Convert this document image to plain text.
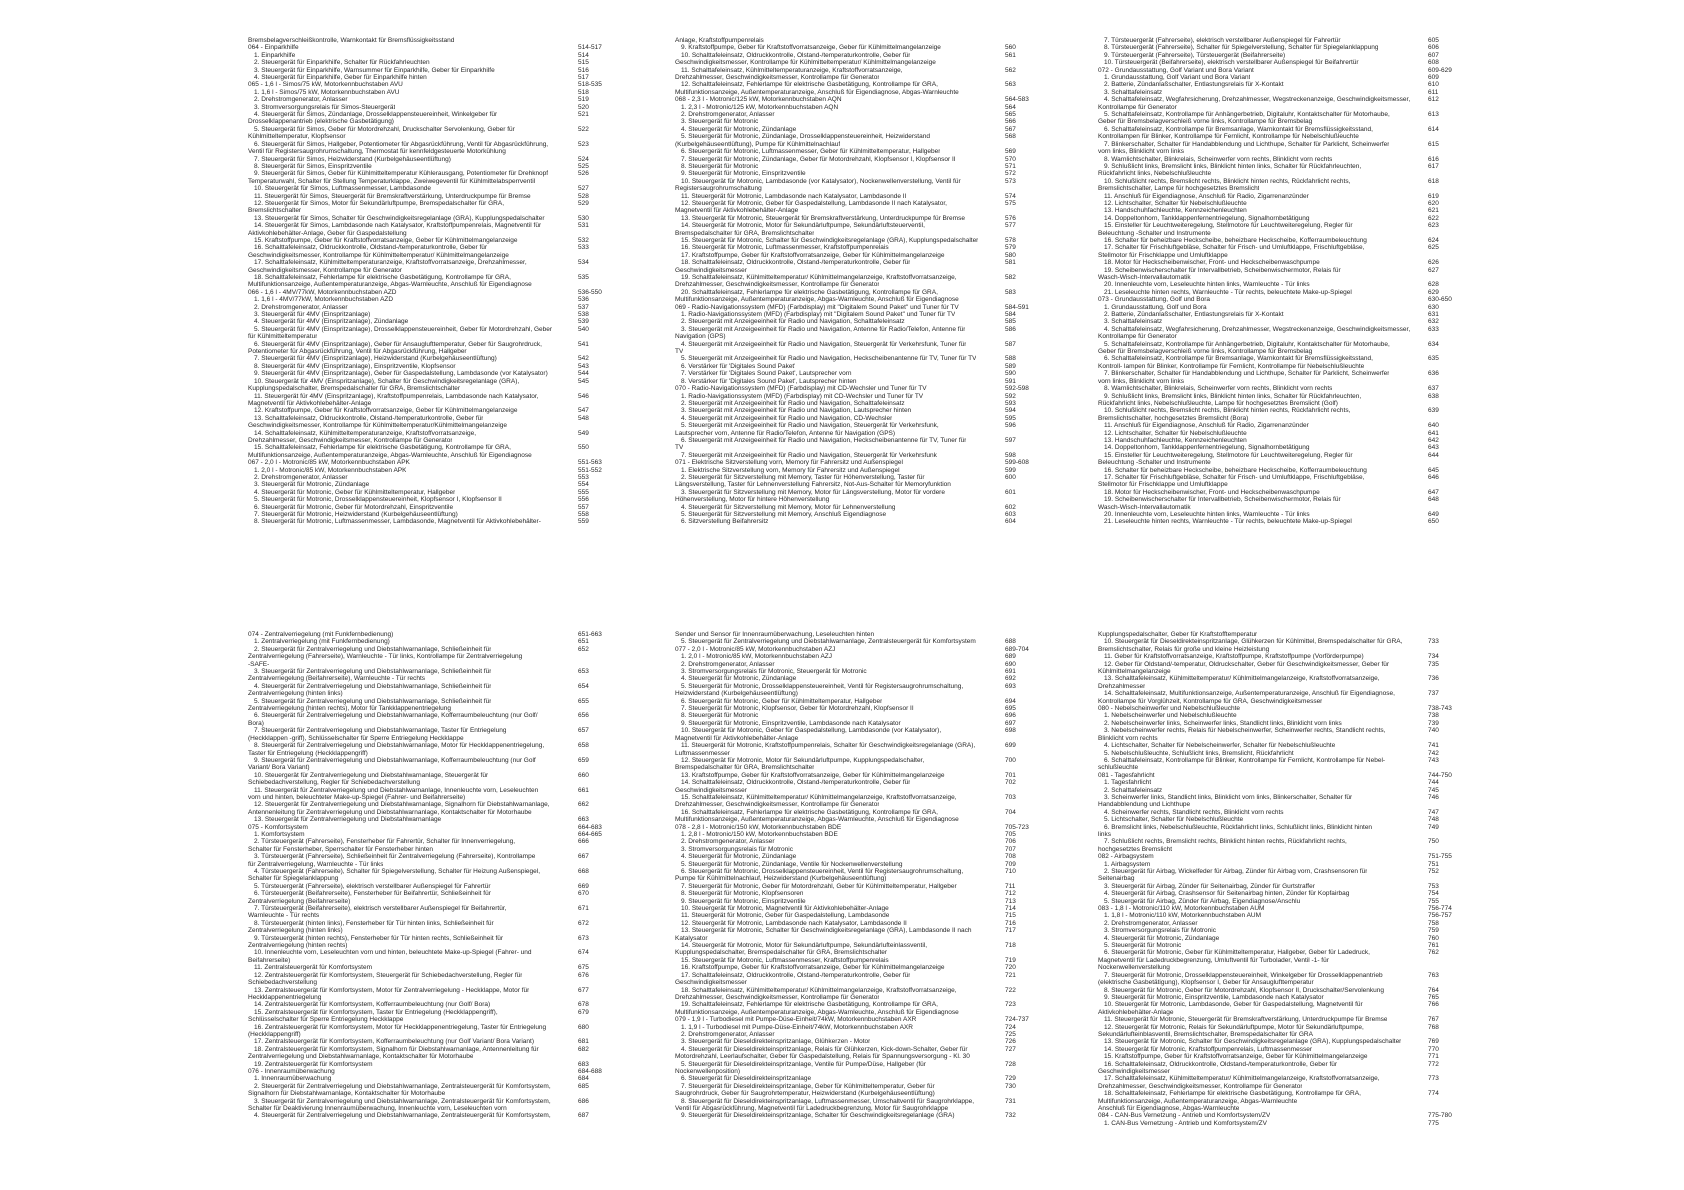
Bremsbelagverschleißkontrolle, Warnkontakt für Bremsflüssigkeitsstand
064 - Einparkhilfe	514-517
1. Einparkhilfe	514
2. Steuergerät für Einparkhilfe, Schalter für Rückfahrleuchten	515
3. Steuergerät für Einparkhilfe, Warnsummer für Einparkhilfe, Geber für Einparkhilfe	516
4. Steuergerät für Einparkhilfe, Geber für Einparkhilfe hinten	517
065 - 1,6 l - Simos/75 kW, Motorkennbuchstaben AVU	518-535
1. 1,6 l - Simos/75 kW, Motorkennbuchstaben AVU	518
2. Drehstromgenerator, Anlasser	519
3. Stromversorgungsrelais für Simos-Steuergerät	520
4. Steuergerät für Simos, Zündanlage, Drosselklappensteuereinheit, Winkelgeber für	521
Drosselklappenantrieb (elektrische Gasbetätigung)
5. Steuergerät für Simos, Geber für Motordrehzahl, Druckschalter Servolenkung, Geber für	522
Kühlmitteltemperatur, Klopfsensor
6. Steuergerät für Simos, Hallgeber, Potentiometer für Abgasrückführung, Ventil für Abgasrückführung,	523
Ventil für Registersaugrohrumschaltung, Thermostat für kennfeldgesteuerte Motorkühlung
7. Steuergerät für Simos, Heizwiderstand (Kurbelgehäuseentlüftung)	524
8. Steuergerät für Simos, Einspritzventile	525
9. Steuergerät für Simos, Geber für Kühlmitteltemperatur Kühlerausgang, Potentiometer für Drehknopf	526
Temperaturwahl, Schalter für Stellung Temperaturklappe, Zweiwegeventil für Kühlmittelabsperrventil
10. Steuergerät für Simos, Luftmassenmesser, Lambdasonde	527
11. Steuergerät für Simos, Steuergerät für Bremskraftverstärkung, Unterdruckpumpe für Bremse	528
12. Steuergerät für Simos, Motor für Sekundärluftpumpe, Bremspedalschalter für GRA,	529
Bremslichtschalter
13. Steuergerät für Simos, Schalter für Geschwindigkeitsregelanlage (GRA), Kupplungspedalschalter	530
14. Steuergerät für Simos, Lambdasonde nach Katalysator, Kraftstoffpumpenrelais, Magnetventil für	531
Aktivkohlebehälter-Anlage, Geber für Gaspedalstellung
15. Kraftstoffpumpe, Geber für Kraftstoffvorratsanzeige, Geber für Kühlmittelmangelanzeige	532
16. Schalttafeleinsatz, Öldruckkontrolle, Öldstand-/temperaturkontrolle, Geber für	533
Geschwindigkeitsmesser, Kontrollampe für Kühlmitteltemperatur/ Kühlmittelmangelanzeige
17. Schalttafeleinsatz, Kühlmitteltemperaturanzeige, Kraftstoffvorratsanzeige, Drehzahlmesser,	534
Geschwindigkeitsmesser, Kontrollampe für Generator
18. Schalttafeleinsatz, Fehlerlampe für elektrische Gasbetätigung, Kontrollampe für GRA,	535
Multifunktionsanzeige, Außentemperaturanzeige, Abgas-Warnleuchte, Anschluß für Eigendiagnose
066 - 1,6 l - 4MV/77kW, Motorkennbuchstaben AZD	536-550
1. 1,6 l - 4MV/77kW, Motorkennbuchstaben AZD	536
2. Drehstromgenerator, Anlasser	537
3. Steuergerät für 4MV (Einspritzanlage)	538
4. Steuergerät für 4MV (Einspritzanlage), Zündanlage	539
5. Steuergerät für 4MV (Einspritzanlage), Drosselklappensteuereinheit, Geber für Motordrehzahl, Geber	540
für Kühlmitteltemperatur
6. Steuergerät für 4MV (Einspritzanlage), Geber für Ansauglufttemperatur, Geber für Saugrohrdruck,	541
Potentiometer für Abgasrückführung, Ventil für Abgasrückführung, Hallgeber
7. Steuergerät für 4MV (Einspritzanlage), Heizwiderstand (Kurbelgehäuseentlüftung)	542
8. Steuergerät für 4MV (Einspritzanlage), Einspritzventile, Klopfsensor	543
9. Steuergerät für 4MV (Einspritzanlage), Geber für Gaspedalstellung, Lambdasonde (vor Katalysator)	544
10. Steuergerät für 4MV (Einspritzanlage), Schalter für Geschwindigkeitsregelanlage (GRA),	545
Kupplungspedalschalter, Bremspedalschalter für GRA, Bremslichtschalter
11. Steuergerät für 4MV (Einspritzanlage), Kraftstoffpumpenrelais, Lambdasonde nach Katalysator,	546
Magnetventil für Aktivkohlebehälter-Anlage
12. Kraftstoffpumpe, Geber für Kraftstoffvorratsanzeige, Geber für Kühlmittelmangelanzeige	547
13. Schalttafeleinsatz, Öldruckkontrolle, Ölstand-/temperaturkontrolle, Geber für	548
Geschwindigkeitsmesser, Kontrollampe für Kühlmitteltemperatur/Kühlmittelmangelanzeige
14. Schalttafeleinsatz, Kühlmitteltemperaturanzeige, Kraftstoffvorratsanzeige,	549
Drehzahlmesser, Geschwindigkeitsmesser, Kontrollampe für Generator
15. Schalttafeleinsatz, Fehlerlampe für elektrische Gasbetätigung, Kontrollampe für GRA,	550
Multifunktionsanzeige, Außentemperaturanzeige, Abgas-Warnleuchte, Anschluß für Eigendiagnose
067 - 2,0 l - Motronic/85 kW, Motorkennbuchstaben APK	551-563
1. 2,0 l - Motronic/85 kW, Motorkennbuchstaben APK	551-552
2. Drehstromgenerator, Anlasser	553
3. Steuergerät für Motronic, Zündanlage	554
4. Steuergerät für Motronic, Geber für Kühlmitteltemperatur, Hallgeber	555
5. Steuergerät für Motronic, Drosselklappensteuereinheit, Klopfsensor I, Klopfsensor II	556
6. Steuergerät für Motronic, Geber für Motordrehzahl, Einspritzventile	557
7. Steuergerät für Motronic, Heizwiderstand (Kurbelgehäuseentlüftung)	558
8. Steuergerät für Motronic, Luftmassenmesser, Lambdasonde, Magnetventil für Aktivkohlebehälter-	559
Anlage, Kraftstoffpumpenrelais
9. Kraftstoffpumpe, Geber für Kraftstoffvorratsanzeige, Geber für Kühlmittelmangelanzeige	560
10. Schalttafeleinsatz, Öldruckkontrolle, Ölstand-/temperaturkontrolle, Geber für	561
Geschwindigkeitsmesser, Kontrollampe für Kühlmitteltemperatur/ Kühlmittelmangelanzeige
11. Schalttafeleinsatz, Kühlmitteltemperaturanzeige, Kraftstoffvorratsanzeige,	562
Drehzahlmesser, Geschwindigkeitsmesser, Kontrollampe für Generator
12. Schalttafeleinsatz, Fehlerlampe für elektrische Gasbetätigung, Kontrollampe für GRA,	563
Multifunktionsanzeige, Außentemperaturanzeige, Anschluß für Eigendiagnose, Abgas-Warnleuchte
068 - 2,3 l - Motronic/125 kW, Motorkennbuchstaben AQN	564-583
1. 2,3 l - Motronic/125 kW, Motorkennbuchstaben AQN	564
2. Drehstromgenerator, Anlasser	565
3. Steuergerät für Motronic	566
4. Steuergerät für Motronic, Zündanlage	567
5. Steuergerät für Motronic, Zündanlage, Drosselklappensteuereinheit, Heizwiderstand	568
(Kurbelgehäuseentlüftung), Pumpe für Kühlmittelnachlauf
6. Steuergerät für Motronic, Luftmassenmesser, Geber für Kühlmitteltemperatur, Hallgeber	569
7. Steuergerät für Motronic, Zündanlage, Geber für Motordrehzahl, Klopfsensor I, Klopfsensor II	570
8. Steuergerät für Motronic	571
9. Steuergerät für Motronic, Einspritzventile	572
10. Steuergerät für Motronic, Lambdasonde (vor Katalysator), Nockenwellenverstellung, Ventil für	573
Registersaugrohrumschaltung
11. Steuergerät für Motronic, Lambdasonde nach Katalysator, Lambdasonde II	574
12. Steuergerät für Motronic, Geber für Gaspedalstellung, Lambdasonde II nach Katalysator,	575
Magnetventil für Aktivkohlebehälter-Anlage
13. Steuergerät für Motronic, Steuergerät für Bremskraftverstärkung, Unterdruckpumpe für Bremse	576
14. Steuergerät für Motronic, Motor für Sekundärluftpumpe, Sekundärluftsteuerventil,	577
Bremspedalschalter für GRA, Bremslichtschalter
15. Steuergerät für Motronic, Schalter für Geschwindigkeitsregelanlage (GRA), Kupplungspedalschalter	578
16. Steuergerät für Motronic, Luftmassenmesser, Kraftstoffpumpenrelais	579
17. Kraftstoffpumpe, Geber für Kraftstoffvorratsanzeige, Geber für Kühlmittelmangelanzeige	580
18. Schalttafeleinsatz, Öldruckkontrolle, Ölstand-/temperaturkontrolle, Geber für	581
Geschwindigkeitsmesser
19. Schalttafeleinsatz, Kühlmitteltemperatur/ Kühlmittelmangelanzeige, Kraftstoffvorratsanzeige,	582
Drehzahlmesser, Geschwindigkeitsmesser, Kontrollampe für Generator
20. Schalttafeleinsatz, Fehlerlampe für elektrische Gasbetätigung, Kontrollampe für GRA,	583
Multifunktionsanzeige, Außentemperaturanzeige, Abgas-Warnleuchte, Anschluß für Eigendiagnose
069 - Radio-Navigationssystem (MFD) (Farbdisplay) mit "Digitalem Sound Paket" und Tuner für TV	584-591
1. Radio-Navigationssystem (MFD) (Farbdisplay) mit "Digitalem Sound Paket" und Tuner für TV	584
2. Steuergerät mit Anzeigeeinheit für Radio und Navigation, Schalttafeleinsatz	585
3. Steuergerät mit Anzeigeeinheit für Radio und Navigation, Antenne für Radio/Telefon, Antenne für	586
Navigation (GPS)
4. Steuergerät mit Anzeigeeinheit für Radio und Navigation, Steuergerät für Verkehrsfunk, Tuner für	587
TV
5. Steuergerät mit Anzeigeeinheit für Radio und Navigation, Heckscheibenantenne für TV, Tuner für TV	588
6. Verstärker für 'Digitales Sound Paket'	589
7. Verstärker für 'Digitales Sound Paket', Lautsprecher vorn	590
8. Verstärker für 'Digitales Sound Paket', Lautsprecher hinten	591
070 - Radio-Navigationssystem (MFD) (Farbdisplay) mit CD-Wechsler und Tuner für TV	592-598
1. Radio-Navigationssystem (MFD) (Farbdisplay) mit CD-Wechsler und Tuner für TV	592
2. Steuergerät mit Anzeigeeinheit für Radio und Navigation, Schalttafeleinsatz	593
3. Steuergerät mit Anzeigeeinheit für Radio und Navigation, Lautsprecher hinten	594
4. Steuergerät mit Anzeigeeinheit für Radio und Navigation, CD-Wechsler	595
5. Steuergerät mit Anzeigeeinheit für Radio und Navigation, Steuergerät für Verkehrsfunk,	596
Lautsprecher vorn, Antenne für Radio/Telefon, Antenne für Navigation (GPS)
6. Steuergerät mit Anzeigeeinheit für Radio und Navigation, Heckscheibenantenne für TV, Tuner für	597
TV
7. Steuergerät mit Anzeigeeinheit für Radio und Navigation, Steuergerät für Verkehrsfunk	598
071 - Elektrische Sitzverstellung vorn, Memory für Fahrersitz und Außenspiegel	599-608
1. Elektrische Sitzverstellung vorn, Memory für Fahrersitz und Außenspiegel	599
2. Steuergerät für Sitzverstellung mit Memory, Taster für Höhenverstellung, Taster für	600
Längsverstellung, Taster für Lehnenverstellung Fahrersitz, Not-Aus-Schalter für Memoryfunktion
3. Steuergerät für Sitzverstellung mit Memory, Motor für Längsverstellung, Motor für vordere	601
Höhenverstellung, Motor für hintere Höhenverstellung
4. Steuergerät für Sitzverstellung mit Memory, Motor für Lehnenverstellung	602
5. Steuergerät für Sitzverstellung mit Memory, Anschluß Eigendiagnose	603
6. Sitzverstellung Beifahrersitz	604
7. Türsteuergerät (Fahrerseite), elektrisch verstellbarer Außenspiegel für Fahrertür	605
8. Türsteuergerät (Fahrerseite), Schalter für Spiegelverstellung, Schalter für Spiegelanklappung	606
9. Türsteuergerät (Fahrerseite), Türsteuergerät (Beifahrerseite)	607
10. Türsteuergerät (Beifahrerseite), elektrisch verstellbarer Außenspiegel für Beifahrertür	608
072 - Grundausstattung, Golf Variant und Bora Variant	609-629
1. Grundausstattung, Golf Variant und Bora Variant	609
2. Batterie, Zündanlaßschalter, Entlastungsrelais für X-Kontakt	610
3. Schalttafeleinsatz	611
4. Schalttafeleinsatz, Wegfahrsicherung, Drehzahlmesser, Wegstreckenanzeige, Geschwindigkeitsmesser,	612
Kontrollampe für Generator
5. Schalttafeleinsatz, Kontrollampe für Anhängerbetrieb, Digitaluhr, Kontaktschalter für Motorhaube,	613
Geber für Bremsbelagverschleiß vorne links, Kontrollampe für Bremsbelag
6. Schalttafeleinsatz, Kontrollampe für Bremsanlage, Warnkontakt für Bremsflüssigkeitsstand,	614
Kontrollampen für Blinker, Kontrollampe für Fernlicht, Kontrollampe für Nebelschlußleuchte
7. Blinkerschalter, Schalter für Handabblendung und Lichthupe, Schalter für Parklicht, Scheinwerfer	615
vorn links, Blinklicht vorn links
8. Warnlichtschalter, Blinkrelais, Scheinwerfer vorn rechts, Blinklicht vorn rechts	616
9. Schlußlicht links, Bremslicht links, Blinklicht hinten links, Schalter für Rückfahrleuchten,	617
Rückfahrlicht links, Nebelschlußleuchte
10. Schlußlicht rechts, Bremslicht rechts, Blinklicht hinten rechts, Rückfahrlicht rechts,	618
Bremslichtschalter, Lampe für hochgesetztes Bremslicht
11. Anschluß für Eigendiagnose, Anschluß für Radio, Zigarrenanzünder	619
12. Lichtschalter, Schalter für Nebelschlußleuchte	620
13. Handschuhfachleuchte, Kennzeichenleuchten	621
14. Doppeltonhorn, Tankklappenfernentriegelung, Signalhornbetätigung	622
15. Einsteller für Leuchtweiteregelung, Stellmotore für Leuchtweiteregelung, Regler für	623
Beleuchtung -Schalter und Instrumente
16. Schalter für beheizbare Heckscheibe, beheizbare Heckscheibe, Kofferraumbeleuchtung	624
17. Schalter für Frischluftgebläse, Schalter für Frisch- und Umluftklappe, Frischluftgebläse,	625
Stellmotor für Frischklappe und Umluftklappe
18. Motor für Heckscheibenwischer, Front- und Heckscheibenwaschpumpe	626
19. Scheibenwischerschalter für Intervallbetrieb, Scheibenwischermotor, Relais für	627
Wasch-Wisch-Intervallautomatik
20. Innenleuchte vorn, Leseleuchte hinten links, Warnleuchte - Tür links	628
21. Leseleuchte hinten rechts, Warnleuchte - Tür rechts, beleuchtete Make-up-Spiegel	629
073 - Grundausstattung, Golf und Bora	630-650
1. Grundausstattung, Golf und Bora	630
2. Batterie, Zündanlaßschalter, Entlastungsrelais für X-Kontakt	631
3. Schalttafeleinsatz	632
4. Schalttafeleinsatz, Wegfahrsicherung, Drehzahlmesser, Wegstreckenanzeige, Geschwindigkeitsmesser,	633
Kontrollampe für Generator
5. Schalttafeleinsatz, Kontrollampe für Anhängerbetrieb, Digitaluhr, Kontaktschalter für Motorhaube,	634
Geber für Bremsbelagverschleiß vorne links, Kontrollampe für Bremsbelag
6. Schalttafeleinsatz, Kontrollampe für Bremsanlage, Warnkontakt für Bremsflüssigkeitsstand,	635
Kontroll- lampen für Blinker, Kontrollampe für Fernlicht, Kontrollampe für Nebelschlußleuchte
7. Blinkerschalter, Schalter für Handabblendung und Lichthupe, Schalter für Parklicht, Scheinwerfer	636
vorn links, Blinklicht vorn links
8. Warnlichtschalter, Blinkrelais, Scheinwerfer vorn rechts, Blinklicht vorn rechts	637
9. Schlußlicht links, Bremslicht links, Blinklicht hinten links, Schalter für Rückfahrleuchten,	638
Rückfahrlicht links, Nebelschlußleuchte, Lampe für hochgesetztes Bremslicht (Golf)
10. Schlußlicht rechts, Bremslicht rechts, Blinklicht hinten rechts, Rückfahrlicht rechts,	639
Bremslichtschalter, hochgesetztes Bremslicht (Bora)
11. Anschluß für Eigendiagnose, Anschluß für Radio, Zigarrenanzünder	640
12. Lichtschalter, Schalter für Nebelschlußleuchte	641
13. Handschuhfachleuchte, Kennzeichenleuchten	642
14. Doppeltonhorn, Tankklappenfernentriegelung, Signalhornbetätigung	643
15. Einsteller für Leuchtweiteregelung, Stellmotore für Leuchtweiteregelung, Regler für	644
Beleuchtung -Schalter und Instrumente
16. Schalter für beheizbare Heckscheibe, beheizbare Heckscheibe, Kofferraumbeleuchtung	645
17. Schalter für Frischluftgebläse, Schalter für Frisch- und Umluftklappe, Frischluftgebläse,	646
Stellmotor für Frischklappe und Umluftklappe
18. Motor für Heckscheibenwischer, Front- und Heckscheibenwaschpumpe	647
19. Scheibenwischerschalter für Intervallbetrieb, Scheibenwischermotor, Relais für	648
Wasch-Wisch-Intervallautomatik
20. Innenleuchte vorn, Leseleuchte hinten links, Warnleuchte - Tür links	649
21. Leseleuchte hinten rechts, Warnleuchte - Tür rechts, beleuchtete Make-up-Spiegel	650
074 - Zentralverriegelung (mit Funkfernbedienung)	651-663
1. Zentralverriegelung (mit Funkfernbedienung)	651
2. Steuergerät für Zentralverriegelung und Diebstahlwarnanlage, Schließeinheit für	652
Zentralverriegelung (Fahrerseite), Warnleuchte - Tür links, Kontrollampe für Zentralverriegelung
-SAFE-
3. Steuergerät für Zentralverriegelung und Diebstahlwarnanlage, Schließeinheit für	653
Zentralverriegelung (Beifahrerseite), Warnleuchte - Tür rechts
4. Steuergerät für Zentralverriegelung und Diebstahlwarnanlage, Schließeinheit für	654
Zentralverriegelung (hinten links)
5. Steuergerät für Zentralverriegelung und Diebstahlwarnanlage, Schließeinheit für	655
Zentralverriegelung (hinten rechts), Motor für Tankklappenentriegelung
6. Steuergerät für Zentralverriegelung und Diebstahlwarnanlage, Kofferraumbeleuchtung (nur Golf/	656
Bora)
7. Steuergerät für Zentralverriegelung und Diebstahlwarnanlage, Taster für Entriegelung	657
(Heckklappen -griff), Schlüsselschalter für Sperre Entriegelung Heckklappe
8. Steuergerät für Zentralverriegelung und Diebstahlwarnanlage, Motor für Heckklappenentriegelung,	658
Taster für Entriegelung (Heckklappengriff)
9. Steuergerät für Zentralverriegelung und Diebstahlwarnanlage, Kofferraumbeleuchtung (nur Golf	659
Variant/ Bora Variant)
10. Steuergerät für Zentralverriegelung und Diebstahlwarnanlage, Steuergerät für	660
Schiebedachverstellung, Regler für Schiebedachverstellung
11. Steuergerät für Zentralverriegelung und Diebstahlwarnanlage, Innenleuchte vorn, Leseleuchten	661
vorn und hinten, beleuchteter Make-up-Spiegel (Fahrer- und Beifahrerseite)
12. Steuergerät für Zentralverriegelung und Diebstahlwarnanlage, Signalhorn für Diebstahlwarnanlage,	662
Antennenleitung für Zentralverriegelung und Diebstahlwarnanlage, Kontaktschalter für Motorhaube
13. Steuergerät für Zentralverriegelung und Diebstahlwarnanlage	663
075 - Komfortsystem	664-683
1. Komfortsystem	664-665
2. Türsteuergerät (Fahrerseite), Fensterheber für Fahrertür, Schalter für Innenverriegelung,	666
Schalter für Fensterheber, Sperrschalter für Fensterheber hinten
3. Türsteuergerät (Fahrerseite), Schließeinheit für Zentralverriegelung (Fahrerseite), Kontrollampe	667
für Zentralverriegelung, Warnleuchte - Tür links
4. Türsteuergerät (Fahrerseite), Schalter für Spiegelverstellung, Schalter für Heizung Außenspiegel,	668
Schalter für Spiegelanklappung
5. Türsteuergerät (Fahrerseite), elektrisch verstellbarer Außenspiegel für Fahrertür	669
6. Türsteuergerät (Beifahrerseite), Fensterheber für Beifahrertür, Schließeinheit für	670
Zentralverriegelung (Beifahrerseite)
7. Türsteuergerät (Beifahrerseite), elektrisch verstellbarer Außenspiegel für Beifahrertür,	671
Warnleuchte - Tür rechts
8. Türsteuergerät (hinten links), Fensterheber für Tür hinten links, Schließeinheit für	672
Zentralverriegelung (hinten links)
9. Türsteuergerät (hinten rechts), Fensterheber für Tür hinten rechts, Schließeinheit für	673
Zentralverriegelung (hinten rechts)
10. Innenleuchte vorn, Leseleuchten vorn und hinten, beleuchtete Make-up-Spiegel (Fahrer- und	674
Beifahrerseite)
11. Zentralsteuergerät für Komfortsystem	675
12. Zentralsteuergerät für Komfortsystem, Steuergerät für Schiebedachverstellung, Regler für	676
Schiebedachverstellung
13. Zentralsteuergerät für Komfortsystem, Motor für Zentralverriegelung - Heckklappe, Motor für	677
Heckklappenentriegelung
14. Zentralsteuergerät für Komfortsystem, Kofferraumbeleuchtung (nur Golf/ Bora)	678
15. Zentralsteuergerät für Komfortsystem, Taster für Entriegelung (Heckklappengriff),	679
Schlüsselschalter für Sperre Entriegelung Heckklappe
16. Zentralsteuergerät für Komfortsystem, Motor für Heckklappenentriegelung, Taster für Entriegelung	680
(Heckklappengriff)
17. Zentralsteuergerät für Komfortsystem, Kofferraumbeleuchtung (nur Golf Variant/ Bora Variant)	681
18. Zentralsteuergerät für Komfortsystem, Signalhorn für Diebstahlwarnanlage, Antennenleitung für	682
Zentralverriegelung und Diebstahlwarnanlage, Kontaktschalter für Motorhaube
19. Zentralsteuergerät für Komfortsystem	683
076 - Innenraumüberwachung	684-688
1. Innenraumüberwachung	684
2. Steuergerät für Zentralverriegelung und Diebstahlwarnanlage, Zentralsteuergerät für Komfortsystem,	685
Signalhorn für Diebstahlwarnanlage, Kontaktschalter für Motorhaube
3. Steuergerät für Zentralverriegelung und Diebstahlwarnanlage, Zentralsteuergerät für Komfortsystem,	686
Schalter für Deaktivierung Innenraumüberwachung, Innenleuchte vorn, Leseleuchten vorn
4. Steuergerät für Zentralverriegelung und Diebstahlwarnanlage, Zentralsteuergerät für Komfortsystem,	687
Sender und Sensor für Innenraumüberwachung, Leseleuchten hinten
5. Steuergerät für Zentralverriegelung und Diebstahlwarnanlage, Zentralsteuergerät für Komfortsystem	688
077 - 2,0 l - Motronic/85 kW, Motorkennbuchstaben AZJ	689-704
1. 2,0 l - Motronic/85 kW, Motorkennbuchstaben AZJ	689
2. Drehstromgenerator, Anlasser	690
3. Stromversorgungsrelais für Motronic, Steuergerät für Motronic	691
4. Steuergerät für Motronic, Zündanlage	692
5. Steuergerät für Motronic, Drosselklappensteuereinheit, Ventil für Registersaugrohrumschaltung,	693
Heizwiderstand (Kurbelgehäuseentlüftung)
6. Steuergerät für Motronic, Geber für Kühlmitteltemperatur, Hallgeber	694
7. Steuergerät für Motronic, Klopfsensor, Geber für Motordrehzahl, Klopfsensor II	695
8. Steuergerät für Motronic	696
9. Steuergerät für Motronic, Einspritzventile, Lambdasonde nach Katalysator	697
10. Steuergerät für Motronic, Geber für Gaspedalstellung, Lambdasonde (vor Katalysator),	698
Magnetventil für Aktivkohlebehälter-Anlage
11. Steuergerät für Motronic, Kraftstoffpumpenrelais, Schalter für Geschwindigkeitsregelanlage (GRA),	699
Luftmassenmesser
12. Steuergerät für Motronic, Motor für Sekundärluftpumpe, Kupplungspedalschalter,	700
Bremspedalschalter für GRA, Bremslichtschalter
13. Kraftstoffpumpe, Geber für Kraftstoffvorratsanzeige, Geber für Kühlmittelmangelanzeige	701
14. Schalttafeleinsatz, Öldruckkontrolle, Ölstand-/temperaturkontrolle, Geber für	702
Geschwindigkeitsmesser
15. Schalttafeleinsatz, Kühlmitteltemperatur/ Kühlmittelmangelanzeige, Kraftstoffvorratsanzeige,	703
Drehzahlmesser, Geschwindigkeitsmesser, Kontrollampe für Generator
16. Schalttafeleinsatz, Fehlerlampe für elektrische Gasbetätigung, Kontrollampe für GRA,	704
Multifunktionsanzeige, Außentemperaturanzeige, Abgas-Warnleuchte, Anschluß für Eigendiagnose
078 - 2,8 l - Motronic/150 kW, Motorkennbuchstaben BDE	705-723
1. 2,8 l - Motronic/150 kW, Motorkennbuchstaben BDE	705
2. Drehstromgenerator, Anlasser	706
3. Stromversorgungsrelais für Motronic	707
4. Steuergerät für Motronic, Zündanlage	708
5. Steuergerät für Motronic, Zündanlage, Ventile für Nockenwellenverstellung	709
6. Steuergerät für Motronic, Drosselklappensteuereinheit, Ventil für Registersaugrohrumschaltung,	710
Pumpe für Kühlmittelnachlauf, Heizwiderstand (Kurbelgehäuseentlüftung)
7. Steuergerät für Motronic, Geber für Motordrehzahl, Geber für Kühlmitteltemperatur, Hallgeber	711
8. Steuergerät für Motronic, Klopfsensoren	712
9. Steuergerät für Motronic, Einspritzventile	713
10. Steuergerät für Motronic, Magnetventil für Aktivkohlebehälter-Anlage	714
11. Steuergerät für Motronic, Geber für Gaspedalstellung, Lambdasonde	715
12. Steuergerät für Motronic, Lambdasonde nach Katalysator, Lambdasonde II	716
13. Steuergerät für Motronic, Schalter für Geschwindigkeitsregelanlage (GRA), Lambdasonde II nach	717
Katalysator
14. Steuergerät für Motronic, Motor für Sekundärluftpumpe, Sekundärlufteinlassventil,	718
Kupplungspedalschalter, Bremspedalschalter für GRA, Bremslichtschalter
15. Steuergerät für Motronic, Luftmassenmesser, Kraftstoffpumpenrelais	719
16. Kraftstoffpumpe, Geber für Kraftstoffvorratsanzeige, Geber für Kühlmittelmangelanzeige	720
17. Schalttafeleinsatz, Öldruckkontrolle, Ölstand-/temperaturkontrolle, Geber für	721
Geschwindigkeitsmesser
18. Schalttafeleinsatz, Kühlmitteltemperatur/ Kühlmittelmangelanzeige, Kraftstoffvorratsanzeige,	722
Drehzahlmesser, Geschwindigkeitsmesser, Kontrollampe für Generator
19. Schalttafeleinsatz, Fehlerlampe für elektrische Gasbetätigung, Kontrollampe für GRA,	723
Multifunktionsanzeige, Außentemperaturanzeige, Abgas-Warnleuchte, Anschluß für Eigendiagnose
079 - 1,9 l - Turbodiesel mit Pumpe-Düse-Einheit/74kW, Motorkennbuchstaben AXR	724-737
1. 1,9 l - Turbodiesel mit Pumpe-Düse-Einheit/74kW, Motorkennbuchstaben AXR	724
2. Drehstromgenerator, Anlasser	725
3. Steuergerät für Dieseldirekteinspritzanlage, Glühkerzen - Motor	726
4. Steuergerät für Dieseldirekteinspritzanlage, Relais für Glühkerzen, Kick-down-Schalter, Geber für	727
Motordrehzahl, Leerlaufschalter, Geber für Gaspedalstellung, Relais für Spannungsversorgung - Kl. 30
5. Steuergerät für Dieseldirekteinspritzanlage, Ventile für Pumpe/Düse, Hallgeber (für	728
Nockenwellenposition)
6. Steuergerät für Dieseldirekteinspritzanlage	729
7. Steuergerät für Dieseldirekteinspritzanlage, Geber für Kühlmitteltemperatur, Geber für	730
Saugrohrdruck, Geber für Saugrohrtemperatur, Heizwiderstand (Kurbelgehäuseentlüftung)
8. Steuergerät für Dieseldirekteinspritzanlage, Luftmassenmesser, Umschaltventil für Saugrohrklappe,	731
Ventil für Abgasrückführung, Magnetventil für Ladedruckbegrenzung, Motor für Saugrohrklappe
9. Steuergerät für Dieseldirekteinspritzanlage, Schalter für Geschwindigkeitsregelanlage (GRA)	732
Kupplungspedalschalter, Geber für Kraftstofftemperatur
10. Steuergerät für Dieseldirekteinspritzanlage, Glühkerzen für Kühlmittel, Bremspedalschalter für GRA,	733
Bremslichtschalter, Relais für große und kleine Heizleistung
11. Geber für Kraftstoffvorratsanzeige, Kraftstoffpumpe, Kraftstoffpumpe (Vorförderpumpe)	734
12. Geber für Öldstand/-temperatur, Öldruckschalter, Geber für Geschwindigkeitsmesser, Geber für	735
Kühlmittelmangelanzeige
13. Schalttafeleinsatz, Kühlmitteltemperatur/ Kühlmittelmangelanzeige, Kraftstoffvorratsanzeige,	736
Drehzahlmesser
14. Schalttafeleinsatz, Multifunktionsanzeige, Außentemperaturanzeige, Anschluß für Eigendiagnose,	737
Kontrollampe für Vorglühzeit, Kontrollampe für GRA, Geschwindigkeitsmesser
080 - Nebelscheinwerfer und Nebelschlußleuchte	738-743
1. Nebelscheinwerfer und Nebelschlußleuchte	738
2. Nebelscheinwerfer links, Scheinwerfer links, Standlicht links, Blinklicht vorn links	739
3. Nebelscheinwerfer rechts, Relais für Nebelscheinwerfer, Scheinwerfer rechts, Standlicht rechts,	740
Blinklicht vorn rechts
4. Lichtschalter, Schalter für Nebelscheinwerfer, Schalter für Nebelschlußleuchte	741
5. Nebelschlußleuchte, Schlußlicht links, Bremslicht, Rückfahrlicht	742
6. Schalttafeleinsatz, Kontrollampe für Blinker, Kontrollampe für Fernlicht, Kontrollampe für Nebel-	743
schlußleuchte
081 - Tagesfahrlicht	744-750
1. Tagesfahrlicht	744
2. Schalttafeleinsatz	745
3. Scheinwerfer links, Standlicht links, Blinklicht vorn links, Blinkerschalter, Schalter für	746
Handabblendung und Lichthupe
4. Scheinwerfer rechts, Standlicht rechts, Blinklicht vorn rechts	747
5. Lichtschalter, Schalter für Nebelschlußleuchte	748
6. Bremslicht links, Nebelschlußleuchte, Rückfahrlicht links, Schlußlicht links, Blinklicht hinten	749
links
7. Schlußlicht rechts, Bremslicht rechts, Blinklicht hinten rechts, Rückfahrlicht rechts,	750
hochgesetztes Bremslicht
082 - Airbagsystem	751-755
1. Airbagsystem	751
2. Steuergerät für Airbag, Wickelfeder für Airbag, Zünder für Airbag vorn, Crashsensoren für	752
Seitenairbag
3. Steuergerät für Airbag, Zünder für Seitenairbag, Zünder für Gurtstraffer	753
4. Steuergerät für Airbag, Crashsensor für Seitenairbag hinten, Zünder für Kopfairbag	754
5. Steuergerät für Airbag, Zünder für Airbag, Eigendiagnose/Anschlu	755
083 - 1,8 l - Motronic/110 kW, Motorkennbuchstaben AUM	756-774
1. 1,8 l - Motronic/110 kW, Motorkennbuchstaben AUM	756-757
2. Drehstromgenerator, Anlasser	758
3. Stromversorgungsrelais für Motronic	759
4. Steuergerät für Motronic, Zündanlage	760
5. Steuergerät für Motronic	761
6. Steuergerät für Motronic, Geber für Kühlmitteltemperatur, Hallgeber, Geber für Ladedruck,	762
Magnetventil für Ladedruckbegrenzung, Umluftventil für Turbolader, Ventil -1- für
Nockenwellenverstellung
7. Steuergerät für Motronic, Drosselklappensteuereinheit, Winkelgeber für Drosselklappenantrieb	763
(elektrische Gasbetätigung), Klopfsensor I, Geber für Ansauglufttemperatur
8. Steuergerät für Motronic, Geber für Motordrehzahl, Klopfsensor II, Druckschalter/Servolenkung	764
9. Steuergerät für Motronic, Einspritzventile, Lambdasonde nach Katalysator	765
10. Steuergerät für Motronic, Lambdasonde, Geber für Gaspedalstellung, Magnetventil für	766
Aktivkohlebehälter-Anlage
11. Steuergerät für Motronic, Steuergerät für Bremskraftverstärkung, Unterdruckpumpe für Bremse	767
12. Steuergerät für Motronic, Relais für Sekundärluftpumpe, Motor für Sekundärluftpumpe,	768
Sekundärlufteinblasventil, Bremslichtschalter, Bremspedalschalter für GRA
13. Steuergerät für Motronic, Schalter für Geschwindigkeitsregelanlage (GRA), Kupplungspedalschalter	769
14. Steuergerät für Motronic, Kraftstoffpumpenrelais, Luftmassenmesser	770
15. Kraftstoffpumpe, Geber für Kraftstoffvorratsanzeige, Geber für Kühlmittelmangelanzeige	771
16. Schalttafeleinsatz, Öldruckkontrolle, Öldstand-/temperaturkontrolle, Geber für	772
Geschwindigkeitsmesser
17. Schalttafeleinsatz, Kühlmitteltemperatur/ Kühlmittelmangelanzeige, Kraftstoffvorratsanzeige,	773
Drehzahlmesser, Geschwindigkeitsmesser, Kontrollampe für Generator
18. Schalttafeleinsatz, Fehlerlampe für elektrische Gasbetätigung, Kontrollampe für GRA,	774
Multifunktionsanzeige, Außentemperaturanzeige, Abgas-Warnleuchte
Anschluß für Eigendiagnose, Abgas-Warnleuchte
084 - CAN-Bus Vernetzung - Antrieb und Komfortsystem/ZV	775-780
1. CAN-Bus Vernetzung - Antrieb und Komfortsystem/ZV	775
